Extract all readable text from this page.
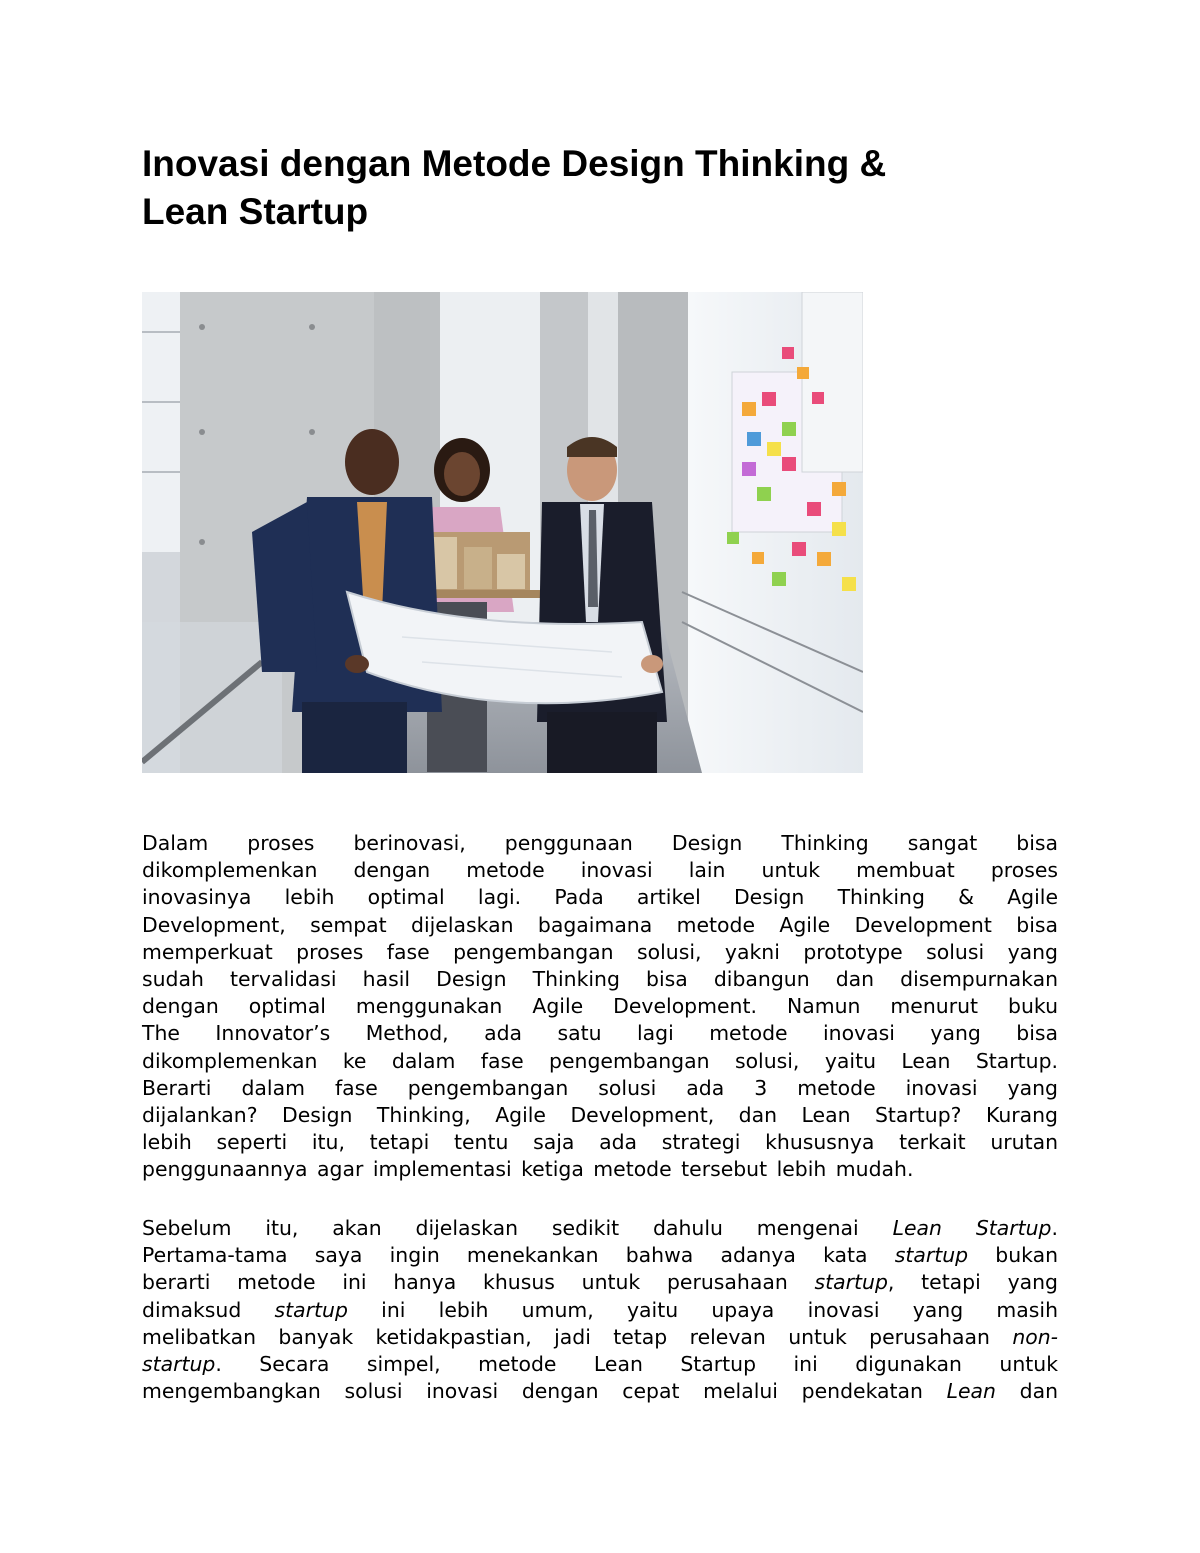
Inovasi dengan Metode Design Thinking &
Lean Startup

Dalam proses berinovasi, penggunaan Design Thinking sangat bisa
dikomplemenkan dengan metode inovasi lain untuk membuat proses
inovasinya lebih optimal lagi. Pada artikel Design Thinking & Agile
Development, sempat dijelaskan bagaimana metode Agile Development bisa
memperkuat proses fase pengembangan solusi, yakni prototype solusi yang
sudah tervalidasi hasil Design Thinking bisa dibangun dan disempurnakan
dengan optimal menggunakan Agile Development. Namun menurut buku
The Innovator’s Method, ada satu lagi metode inovasi yang bisa
dikomplemenkan ke dalam fase pengembangan solusi, yaitu Lean Startup.
Berarti dalam fase pengembangan solusi ada 3 metode inovasi yang
dijalankan? Design Thinking, Agile Development, dan Lean Startup? Kurang
lebih seperti itu, tetapi tentu saja ada strategi khususnya terkait urutan
penggunaannya agar implementasi ketiga metode tersebut lebih mudah.

Sebelum itu, akan dijelaskan sedikit dahulu mengenai Lean Startup.
Pertama-tama saya ingin menekankan bahwa adanya kata startup bukan
berarti metode ini hanya khusus untuk perusahaan startup, tetapi yang
dimaksud startup ini lebih umum, yaitu upaya inovasi yang masih
melibatkan banyak ketidakpastian, jadi tetap relevan untuk perusahaan non-
startup. Secara simpel, metode Lean Startup ini digunakan untuk
mengembangkan solusi inovasi dengan cepat melalui pendekatan Lean dan
